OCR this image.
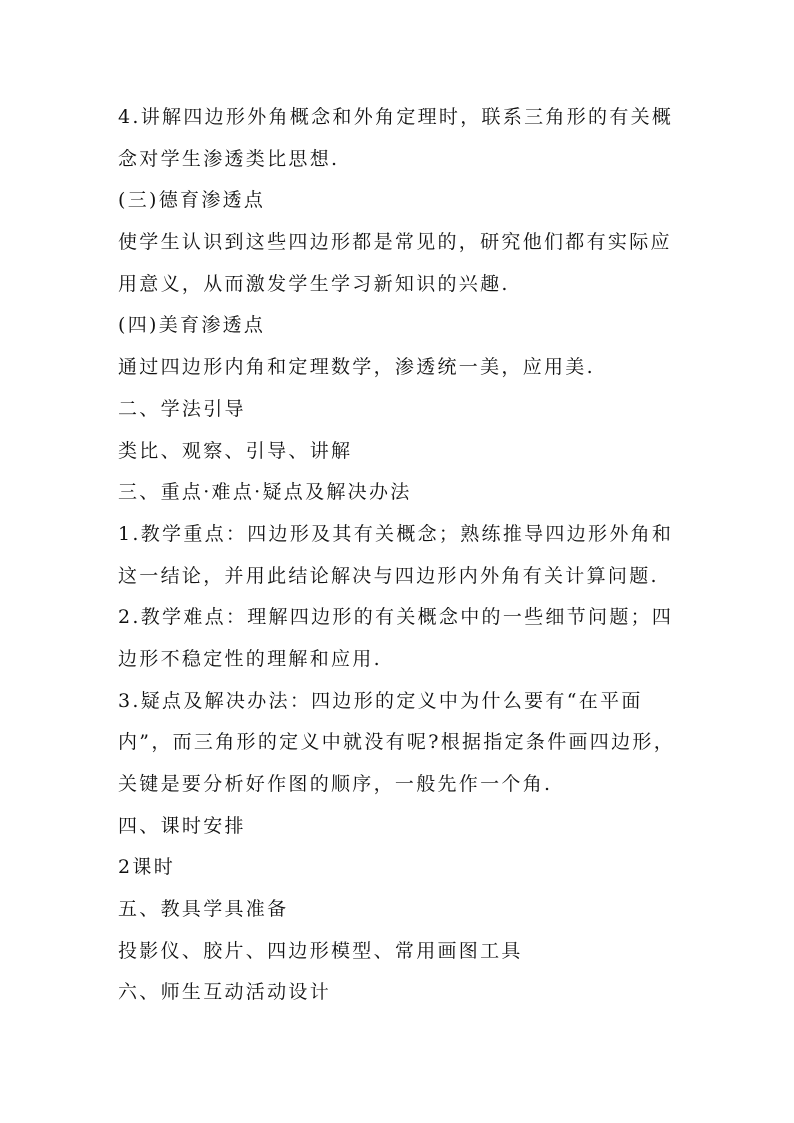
4.讲解四边形外角概念和外角定理时，联系三角形的有关概
念对学生渗透类比思想.
(三)德育渗透点
使学生认识到这些四边形都是常见的，研究他们都有实际应
用意义，从而激发学生学习新知识的兴趣.
(四)美育渗透点
通过四边形内角和定理数学，渗透统一美，应用美.
二、学法引导
类比、观察、引导、讲解
三、重点·难点·疑点及解决办法
1.教学重点：四边形及其有关概念；熟练推导四边形外角和
这一结论，并用此结论解决与四边形内外角有关计算问题.
2.教学难点：理解四边形的有关概念中的一些细节问题；四
边形不稳定性的理解和应用.
3.疑点及解决办法：四边形的定义中为什么要有“在平面
内”，而三角形的定义中就没有呢?根据指定条件画四边形，
关键是要分析好作图的顺序，一般先作一个角.
四、课时安排
2课时
五、教具学具准备
投影仪、胶片、四边形模型、常用画图工具
六、师生互动活动设计
